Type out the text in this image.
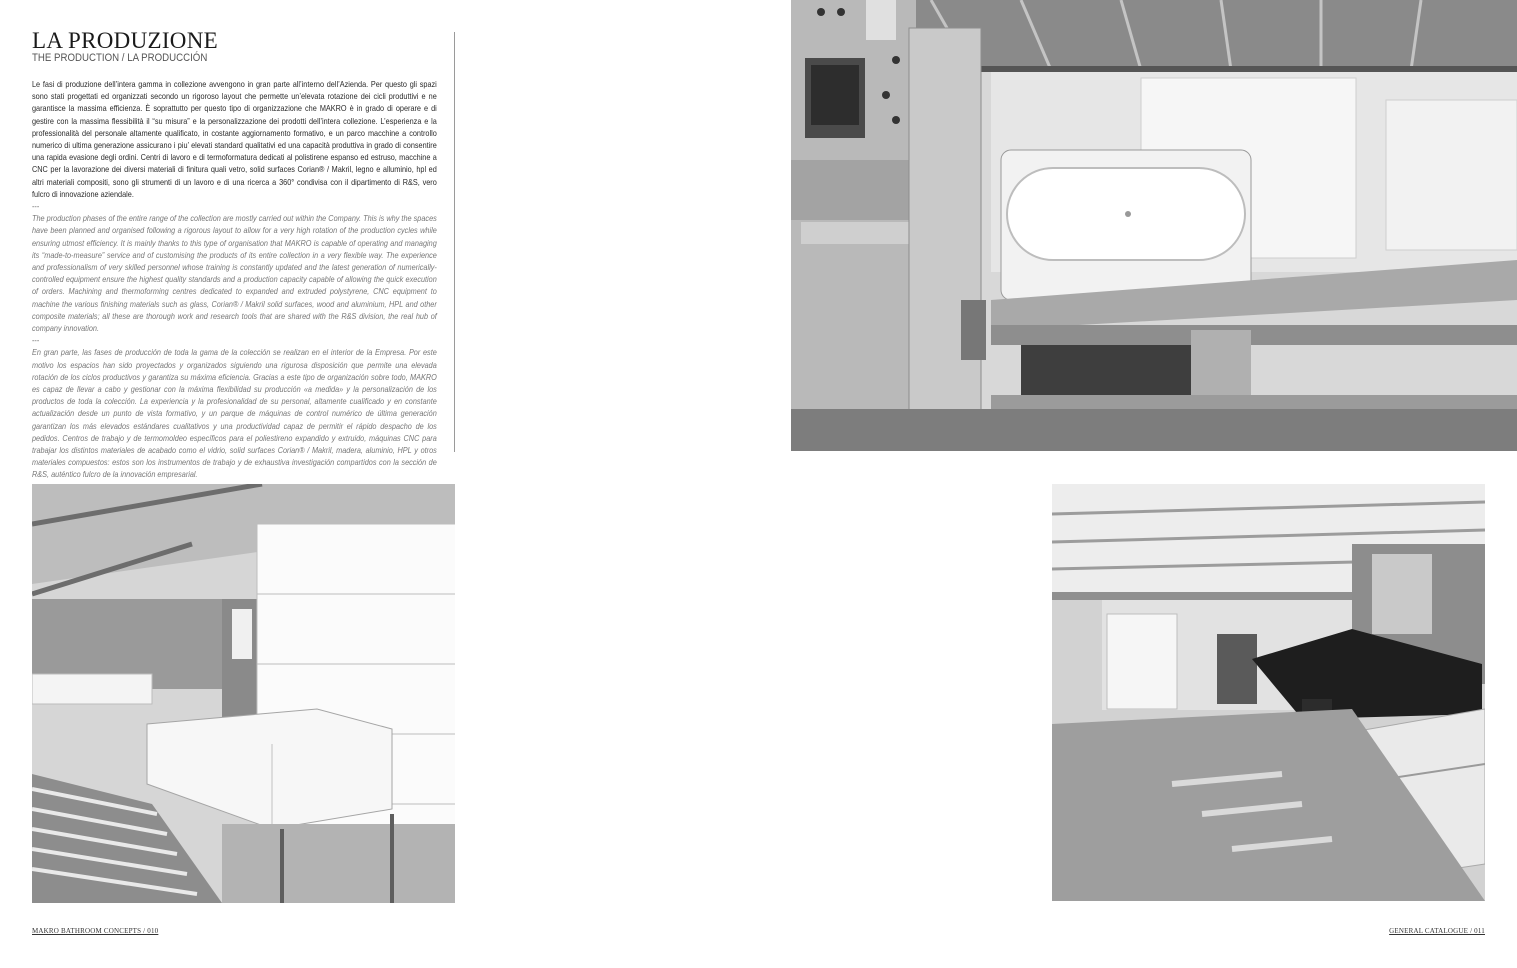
LA PRODUZIONE
THE PRODUCTION / LA PRODUCCIÓN

Le fasi di produzione dell’intera gamma in collezione avvengono in gran parte all’interno dell’Azienda. Per questo gli spazi sono stati progettati ed organizzati secondo un rigoroso layout che permette un’elevata rotazione dei cicli produttivi e ne garantisce la massima efficienza. È soprattutto per questo tipo di organizzazione che MAKRO è in grado di operare e di gestire con la massima flessibilità il “su misura” e la personalizzazione dei prodotti dell’intera collezione. L’esperienza e la professionalità del personale altamente qualificato, in costante aggiornamento formativo, e un parco macchine a controllo numerico di ultima generazione assicurano i piu’ elevati standard qualitativi ed una capacità produttiva in grado di consentire una rapida evasione degli ordini. Centri di lavoro e di termoformatura dedicati al polistirene espanso ed estruso, macchine a CNC per la lavorazione dei diversi materiali di finitura quali vetro, solid surfaces Corian® / Makril, legno e alluminio, hpl ed altri materiali compositi, sono gli strumenti di un lavoro e di una ricerca a 360° condivisa con il dipartimento di R&S, vero fulcro di innovazione aziendale.

---

The production phases of the entire range of the collection are mostly carried out within the Company. This is why the spaces have been planned and organised following a rigorous layout to allow for a very high rotation of the production cycles while ensuring utmost efficiency. It is mainly thanks to this type of organisation that MAKRO is capable of operating and managing its “made-to-measure” service and of customising the products of its entire collection in a very flexible way. The experience and professionalism of very skilled personnel whose training is constantly updated and the latest generation of numerically-controlled equipment ensure the highest quality standards and a production capacity capable of allowing the quick execution of orders. Machining and thermoforming centres dedicated to expanded and extruded polystyrene, CNC equipment to machine the various finishing materials such as glass, Corian® / Makril solid surfaces, wood and aluminium, HPL and other composite materials; all these are thorough work and research tools that are shared with the R&S division, the real hub of company innovation.

---

En gran parte, las fases de producción de toda la gama de la colección se realizan en el interior de la Empresa. Por este motivo los espacios han sido proyectados y organizados siguiendo una rigurosa disposición que permite una elevada rotación de los ciclos productivos y garantiza su máxima eficiencia. Gracias a este tipo de organización sobre todo, MAKRO es capaz de llevar a cabo y gestionar con la máxima flexibilidad su producción «a medida» y la personalización de los productos de toda la colección. La experiencia y la profesionalidad de su personal, altamente cualificado y en constante actualización desde un punto de vista formativo, y un parque de máquinas de control numérico de última generación garantizan los más elevados estándares cualitativos y una productividad capaz de permitir el rápido despacho de los pedidos. Centros de trabajo y de termomoldeo específicos para el poliestireno expandido y extruido, máquinas CNC para trabajar los distintos materiales de acabado como el vidrio, solid surfaces Corian® / Makril, madera, aluminio, HPL y otros materiales compuestos: estos son los instrumentos de trabajo y de exhaustiva investigación compartidos con la sección de R&S, auténtico fulcro de la innovación empresarial.

MAKRO BATHROOM CONCEPTS / 010	GENERAL CATALOGUE / 011
